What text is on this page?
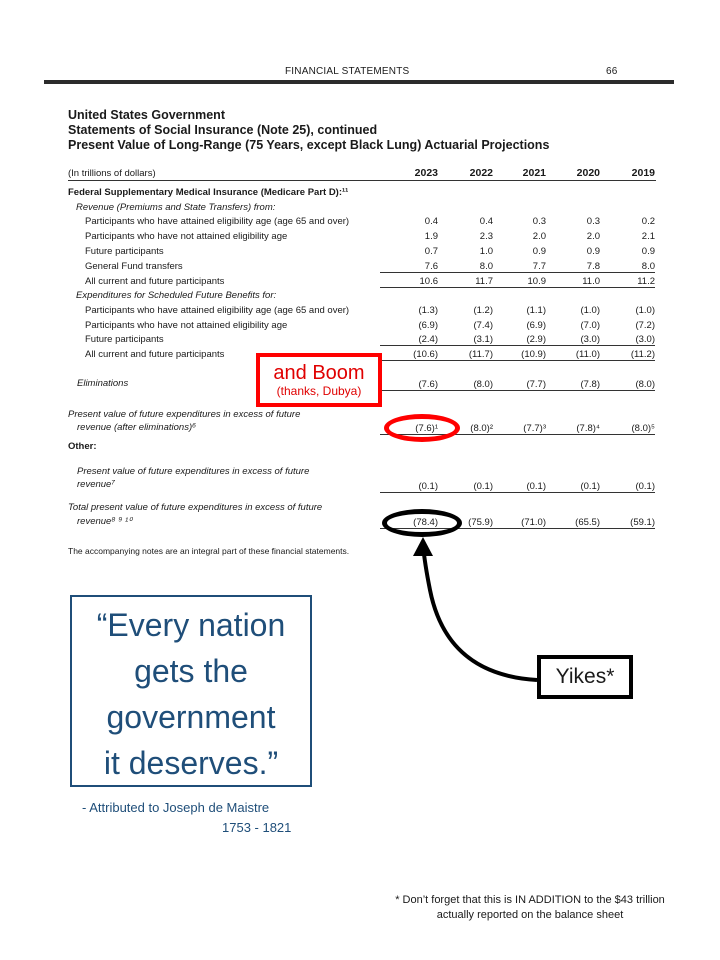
FINANCIAL STATEMENTS	66
United States Government
Statements of Social Insurance (Note 25), continued
Present Value of Long-Range (75 Years, except Black Lung) Actuarial Projections
(In trillions of dollars)	2023	2022	2021	2020	2019
Federal Supplementary Medical Insurance (Medicare Part D):¹¹
Revenue (Premiums and State Transfers) from:
Participants who have attained eligibility age (age 65 and over)	0.4	0.4	0.3	0.3	0.2
Participants who have not attained eligibility age	1.9	2.3	2.0	2.0	2.1
Future participants	0.7	1.0	0.9	0.9	0.9
General Fund transfers	7.6	8.0	7.7	7.8	8.0
All current and future participants	10.6	11.7	10.9	11.0	11.2
Expenditures for Scheduled Future Benefits for:
Participants who have attained eligibility age (age 65 and over)	(1.3)	(1.2)	(1.1)	(1.0)	(1.0)
Participants who have not attained eligibility age	(6.9)	(7.4)	(6.9)	(7.0)	(7.2)
Future participants	(2.4)	(3.1)	(2.9)	(3.0)	(3.0)
All current and future participants	(10.6)	(11.7)	(10.9)	(11.0)	(11.2)
Eliminations	(7.6)	(8.0)	(7.7)	(7.8)	(8.0)
Present value of future expenditures in excess of future
revenue (after eliminations)⁶	(7.6)¹	(8.0)²	(7.7)³	(7.8)⁴	(8.0)⁵
Other:
Present value of future expenditures in excess of future
revenue⁷	(0.1)	(0.1)	(0.1)	(0.1)	(0.1)
Total present value of future expenditures in excess of future
revenue⁸ ⁹ ¹⁰	(78.4)	(75.9)	(71.0)	(65.5)	(59.1)
The accompanying notes are an integral part of these financial statements.
and Boom
(thanks, Dubya)
Yikes*
“Every nation
gets the
government
it deserves.”
- Attributed to Joseph de Maistre
1753 - 1821
* Don’t forget that this is IN ADDITION to the $43 trillion actually reported on the balance sheet
